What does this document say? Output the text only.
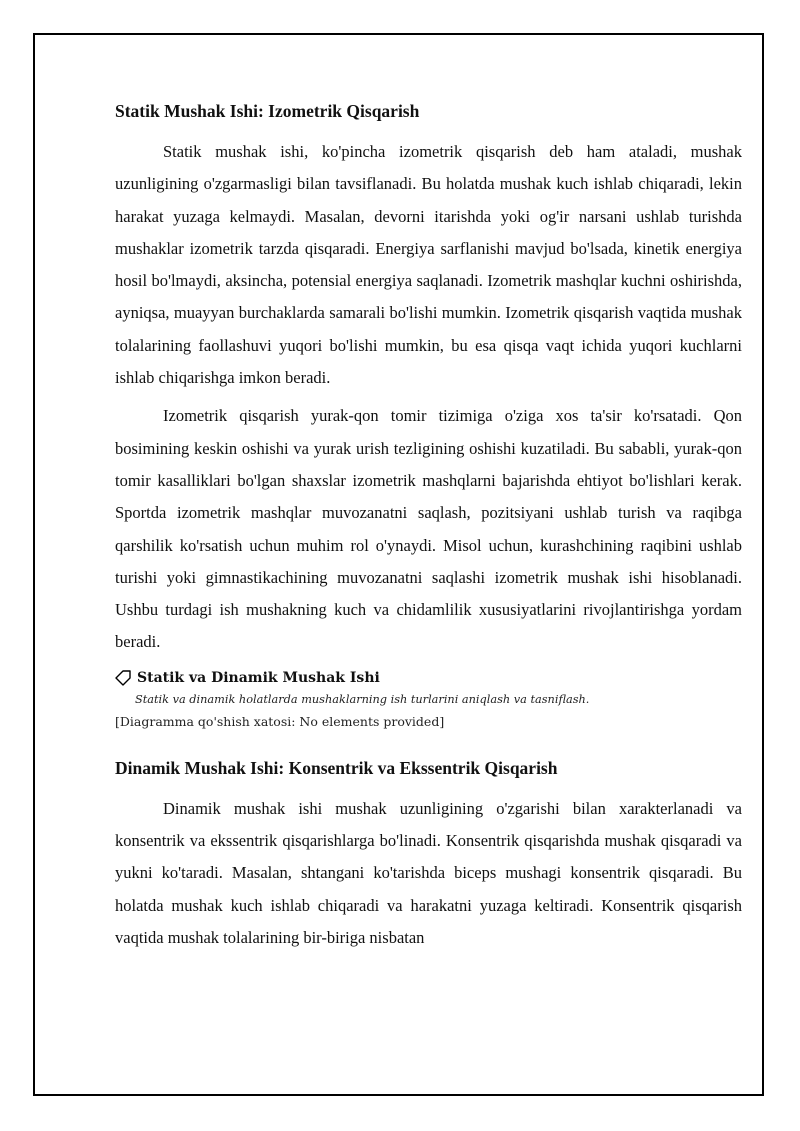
Statik Mushak Ishi: Izometrik Qisqarish

Statik mushak ishi, ko'pincha izometrik qisqarish deb ham ataladi, mushak uzunligining o'zgarmasligi bilan tavsiflanadi. Bu holatda mushak kuch ishlab chiqaradi, lekin harakat yuzaga kelmaydi. Masalan, devorni itarishda yoki og'ir narsani ushlab turishda mushaklar izometrik tarzda qisqaradi. Energiya sarflanishi mavjud bo'lsada, kinetik energiya hosil bo'lmaydi, aksincha, potensial energiya saqlanadi. Izometrik mashqlar kuchni oshirishda, ayniqsa, muayyan burchaklarda samarali bo'lishi mumkin. Izometrik qisqarish vaqtida mushak tolalarining faollashuvi yuqori bo'lishi mumkin, bu esa qisqa vaqt ichida yuqori kuchlarni ishlab chiqarishga imkon beradi.

Izometrik qisqarish yurak-qon tomir tizimiga o'ziga xos ta'sir ko'rsatadi. Qon bosimining keskin oshishi va yurak urish tezligining oshishi kuzatiladi. Bu sababli, yurak-qon tomir kasalliklari bo'lgan shaxslar izometrik mashqlarni bajarishda ehtiyot bo'lishlari kerak. Sportda izometrik mashqlar muvozanatni saqlash, pozitsiyani ushlab turish va raqibga qarshilik ko'rsatish uchun muhim rol o'ynaydi. Misol uchun, kurashchining raqibini ushlab turishi yoki gimnastikachining muvozanatni saqlashi izometrik mushak ishi hisoblanadi. Ushbu turdagi ish mushakning kuch va chidamlilik xususiyatlarini rivojlantirishga yordam beradi.

Statik va Dinamik Mushak Ishi
Statik va dinamik holatlarda mushaklarning ish turlarini aniqlash va tasniflash.
[Diagramma qo'shish xatosi: No elements provided]
Dinamik Mushak Ishi: Konsentrik va Ekssentrik Qisqarish

Dinamik mushak ishi mushak uzunligining o'zgarishi bilan xarakterlanadi va konsentrik va ekssentrik qisqarishlarga bo'linadi. Konsentrik qisqarishda mushak qisqaradi va yukni ko'taradi. Masalan, shtangani ko'tarishda biceps mushagi konsentrik qisqaradi. Bu holatda mushak kuch ishlab chiqaradi va harakatni yuzaga keltiradi. Konsentrik qisqarish vaqtida mushak tolalarining bir-biriga nisbatan
